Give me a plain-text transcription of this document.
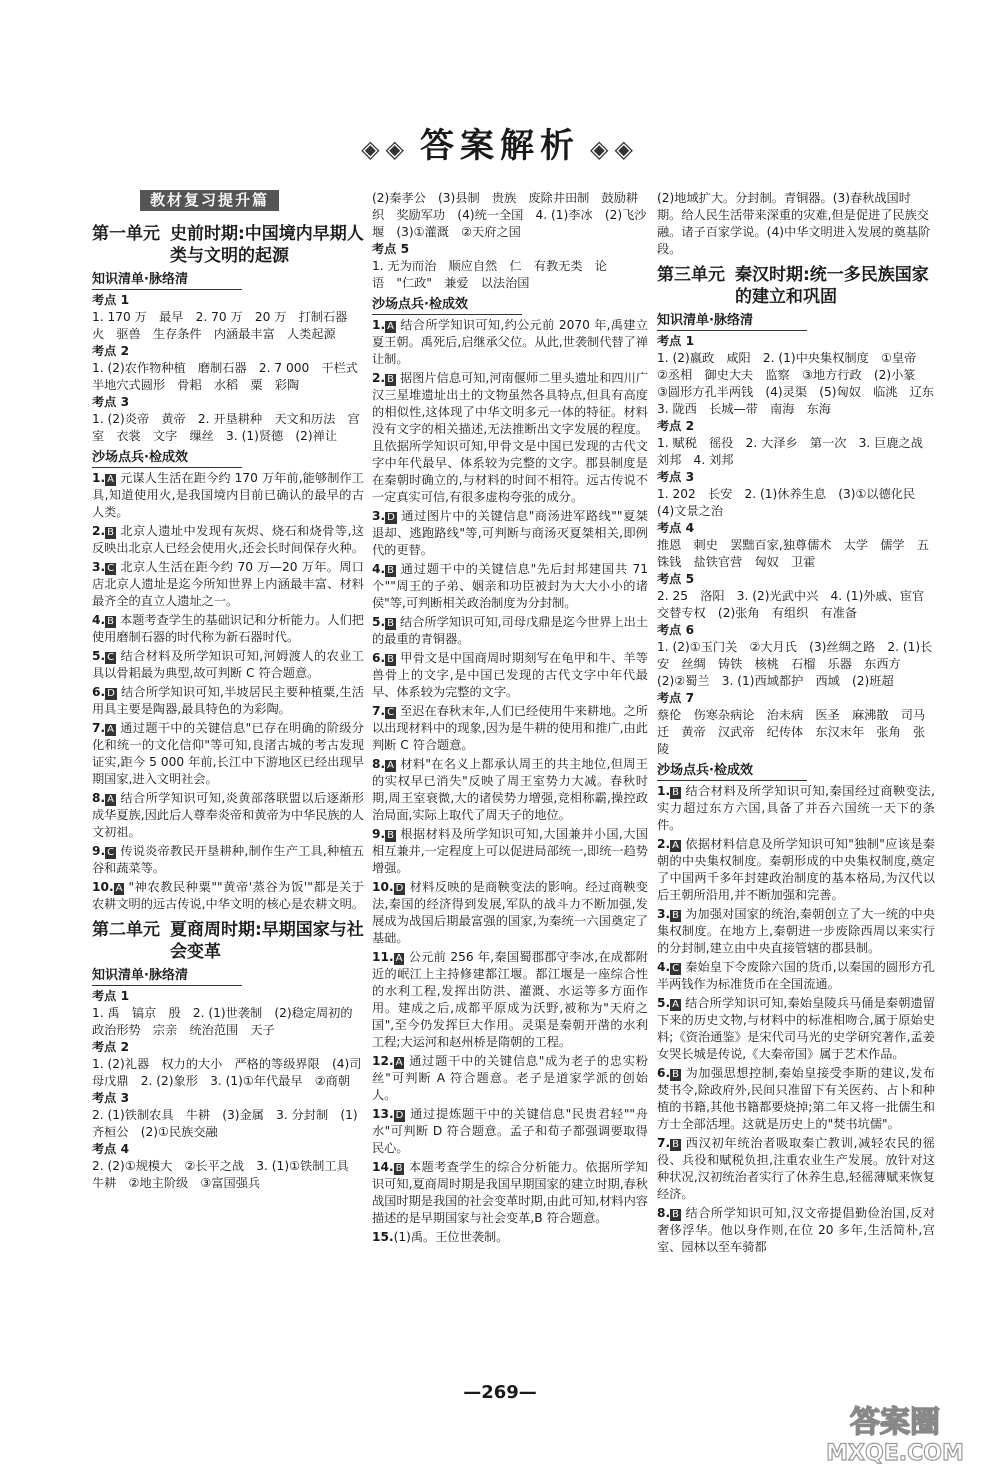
◈◈ 答案解析 ◈◈
教材复习提升篇
第一单元 史前时期:中国境内早期人类与文明的起源
知识清单·脉络清
考点 1

1. 170 万　最早　2. 70 万　20 万　打制石器　火　驱兽　生存条件　内涵最丰富　人类起源

考点 2

1. (2)农作物种植　磨制石器　2. 7 000　干栏式　半地穴式圆形　骨耜　水稻　粟　彩陶

考点 3

1. (2)炎帝　黄帝　2. 开垦耕种　天文和历法　宫室　衣裳　文字　缫丝　3. (1)贤德　(2)禅让

沙场点兵·检成效

1. A 元谋人生活在距今约 170 万年前,能够制作工具,知道使用火,是我国境内目前已确认的最早的古人类。

2. B 北京人遗址中发现有灰烬、烧石和烧骨等,这反映出北京人已经会使用火,还会长时间保存火种。

3. C 北京人生活在距今约 70 万—20 万年。周口店北京人遗址是迄今所知世界上内涵最丰富、材料最齐全的直立人遗址之一。

4. B 本题考查学生的基础识记和分析能力。人们把使用磨制石器的时代称为新石器时代。

5. C 结合材料及所学知识可知,河姆渡人的农业工具以骨耜最为典型,故可判断 C 符合题意。

6. D 结合所学知识可知,半坡居民主要种植粟,生活用具主要是陶器,最具特色的为彩陶。

7. A 通过题干中的关键信息"已存在明确的阶级分化和统一的文化信仰"等可知,良渚古城的考古发现证实,距今 5 000 年前,长江中下游地区已经出现早期国家,进入文明社会。

8. A 结合所学知识可知,炎黄部落联盟以后逐渐形成华夏族,因此后人尊奉炎帝和黄帝为中华民族的人文初祖。

9. C 传说炎帝教民开垦耕种,制作生产工具,种植五谷和蔬菜等。

10. A "神农教民种粟""黄帝'蒸谷为饭'"都是关于农耕文明的远古传说,中华文明的核心是农耕文明。

第二单元 夏商周时期:早期国家与社会变革
知识清单·脉络清
考点 1

1. 禹　镐京　殷　2. (1)世袭制　(2)稳定周初的政治形势　宗亲　统治范围　天子

考点 2

1. (2)礼器　权力的大小　严格的等级界限　(4)司母戊鼎　2. (2)象形　3. (1)①年代最早　②商朝

考点 3

2. (1)铁制农具　牛耕　(3)金属　3. 分封制　(1)齐桓公　(2)①民族交融

考点 4

2. (2)①规模大　②长平之战　3. (1)①铁制工具　牛耕　②地主阶级　③富国强兵

(2)秦孝公　(3)县制　贵族　废除井田制　鼓励耕织　奖励军功　(4)统一全国　4. (1)李冰　(2)飞沙堰　(3)①灌溉　②天府之国

考点 5

1. 无为而治　顺应自然　仁　有教无类　论语　"仁政"　兼爱　以法治国

沙场点兵·检成效

1. A 结合所学知识可知,约公元前 2070 年,禹建立夏王朝。禹死后,启继承父位。从此,世袭制代替了禅让制。

2. B 据图片信息可知,河南偃师二里头遗址和四川广汉三星堆遗址出土的文物虽然各具特点,但具有高度的相似性,这体现了中华文明多元一体的特征。材料没有文字的相关描述,无法推断出文字发展的程度。且依据所学知识可知,甲骨文是中国已发现的古代文字中年代最早、体系较为完整的文字。郡县制度是在秦朝时确立的,与材料的时间不相符。远古传说不一定真实可信,有很多虚构夸张的成分。

3. D 通过图片中的关键信息"商汤进军路线""夏桀退却、逃跑路线"等,可判断与商汤灭夏桀相关,即例代的更替。

4. B 通过题干中的关键信息"先后封邦建国共 71 个""周王的子弟、姻亲和功臣被封为大大小小的诸侯"等,可判断相关政治制度为分封制。

5. B 结合所学知识可知,司母戊鼎是迄今世界上出土的最重的青铜器。

6. B 甲骨文是中国商周时期刻写在龟甲和牛、羊等兽骨上的文字,是中国已发现的古代文字中年代最早、体系较为完整的文字。

7. C 至迟在春秋末年,人们已经使用牛来耕地。之所以出现材料中的现象,因为是牛耕的使用和推广,由此判断 C 符合题意。

8. A 材料"在名义上都承认周王的共主地位,但周王的实权早已消失"反映了周王室势力大减。春秋时期,周王室衰微,大的诸侯势力增强,竞相称霸,操控政治局面,实际上取代了周天子的地位。

9. B 根据材料及所学知识可知,大国兼并小国,大国相互兼并,一定程度上可以促进局部统一,即统一趋势增强。

10. D 材料反映的是商鞅变法的影响。经过商鞅变法,秦国的经济得到发展,军队的战斗力不断加强,发展成为战国后期最富强的国家,为秦统一六国奠定了基础。

11. A 公元前 256 年,秦国蜀郡郡守李冰,在成都附近的岷江上主持修建都江堰。都江堰是一座综合性的水利工程,发挥出防洪、灌溉、水运等多方面作用。建成之后,成都平原成为沃野,被称为"天府之国",至今仍发挥巨大作用。灵渠是秦朝开凿的水利工程;大运河和赵州桥是隋朝的工程。

12. A 通过题干中的关键信息"成为老子的忠实粉丝"可判断 A 符合题意。老子是道家学派的创始人。

13. D 通过提炼题干中的关键信息"民贵君轻""舟水"可判断 D 符合题意。孟子和荀子都强调要取得民心。

14. B 本题考查学生的综合分析能力。依据所学知识可知,夏商周时期是我国早期国家的建立时期,春秋战国时期是我国的社会变革时期,由此可知,材料内容描述的是早期国家与社会变革,B 符合题意。

15.(1)禹。王位世袭制。

(2)地域扩大。分封制。青铜器。(3)春秋战国时期。给人民生活带来深重的灾难,但是促进了民族交融。诸子百家学说。(4)中华文明进入发展的奠基阶段。

第三单元 秦汉时期:统一多民族国家的建立和巩固
知识清单·脉络清
考点 1

1. (2)嬴政　咸阳　2. (1)中央集权制度　①皇帝　②丞相　御史大夫　监察　③地方行政　(2)小篆　③圆形方孔半两钱　(4)灵渠　(5)匈奴　临洮　辽东　3. 陇西　长城—带　南海　东海

考点 2

1. 赋税　徭役　2. 大泽乡　第一次　3. 巨鹿之战　刘邦　4. 刘邦

考点 3

1. 202　长安　2. (1)休养生息　(3)①以德化民　(4)文景之治

考点 4

推恩　刺史　罢黜百家,独尊儒术　太学　儒学　五铢钱　盐铁官营　匈奴　卫霍

考点 5

2. 25　洛阳　3. (2)光武中兴　4. (1)外戚、宦官交替专权　(2)张角　有组织　有准备

考点 6

1. (2)①玉门关　②大月氏　(3)丝绸之路　2. (1)长安　丝绸　铸铁　核桃　石榴　乐器　东西方　(2)②蜀兰　3. (1)西域都护　西域　(2)班超

考点 7

蔡伦　伤寒杂病论　治未病　医圣　麻沸散　司马迁　黄帝　汉武帝　纪传体　东汉末年　张角　张陵

沙场点兵·检成效

1. B 结合材料及所学知识可知,秦国经过商鞅变法,实力超过东方六国,具备了并吞六国统一天下的条件。

2. A 依据材料信息及所学知识可知"独制"应该是秦朝的中央集权制度。秦朝形成的中央集权制度,奠定了中国两千多年封建政治制度的基本格局,为汉代以后王朝所沿用,并不断加强和完善。

3. B 为加强对国家的统治,秦朝创立了大一统的中央集权制度。在地方上,秦朝进一步废除西周以来实行的分封制,建立由中央直接管辖的郡县制。

4. C 秦始皇下令废除六国的货币,以秦国的圆形方孔半两钱作为标准货币在全国流通。

5. A 结合所学知识可知,秦始皇陵兵马俑是秦朝遗留下来的历史文物,与材料中的标准相吻合,属于原始史料;《资治通鉴》是宋代司马光的史学研究著作,孟姜女哭长城是传说,《大秦帝国》属于艺术作品。

6. B 为加强思想控制,秦始皇接受李斯的建议,发布焚书令,除政府外,民间只准留下有关医药、占卜和种植的书籍,其他书籍都要烧掉;第二年又将一批儒生和方士全部活埋。这就是历史上的"焚书坑儒"。

7. B 西汉初年统治者吸取秦亡教训,减轻农民的徭役、兵役和赋税负担,注重农业生产发展。放针对这种状况,汉初统治者实行了休养生息,轻徭薄赋来恢复经济。

8. B 结合所学知识可知,汉文帝提倡勤俭治国,反对奢侈浮华。他以身作则,在位 20 多年,生活简朴,宫室、园林以至车骑都

—269—
答案圈
MXQE.COM
